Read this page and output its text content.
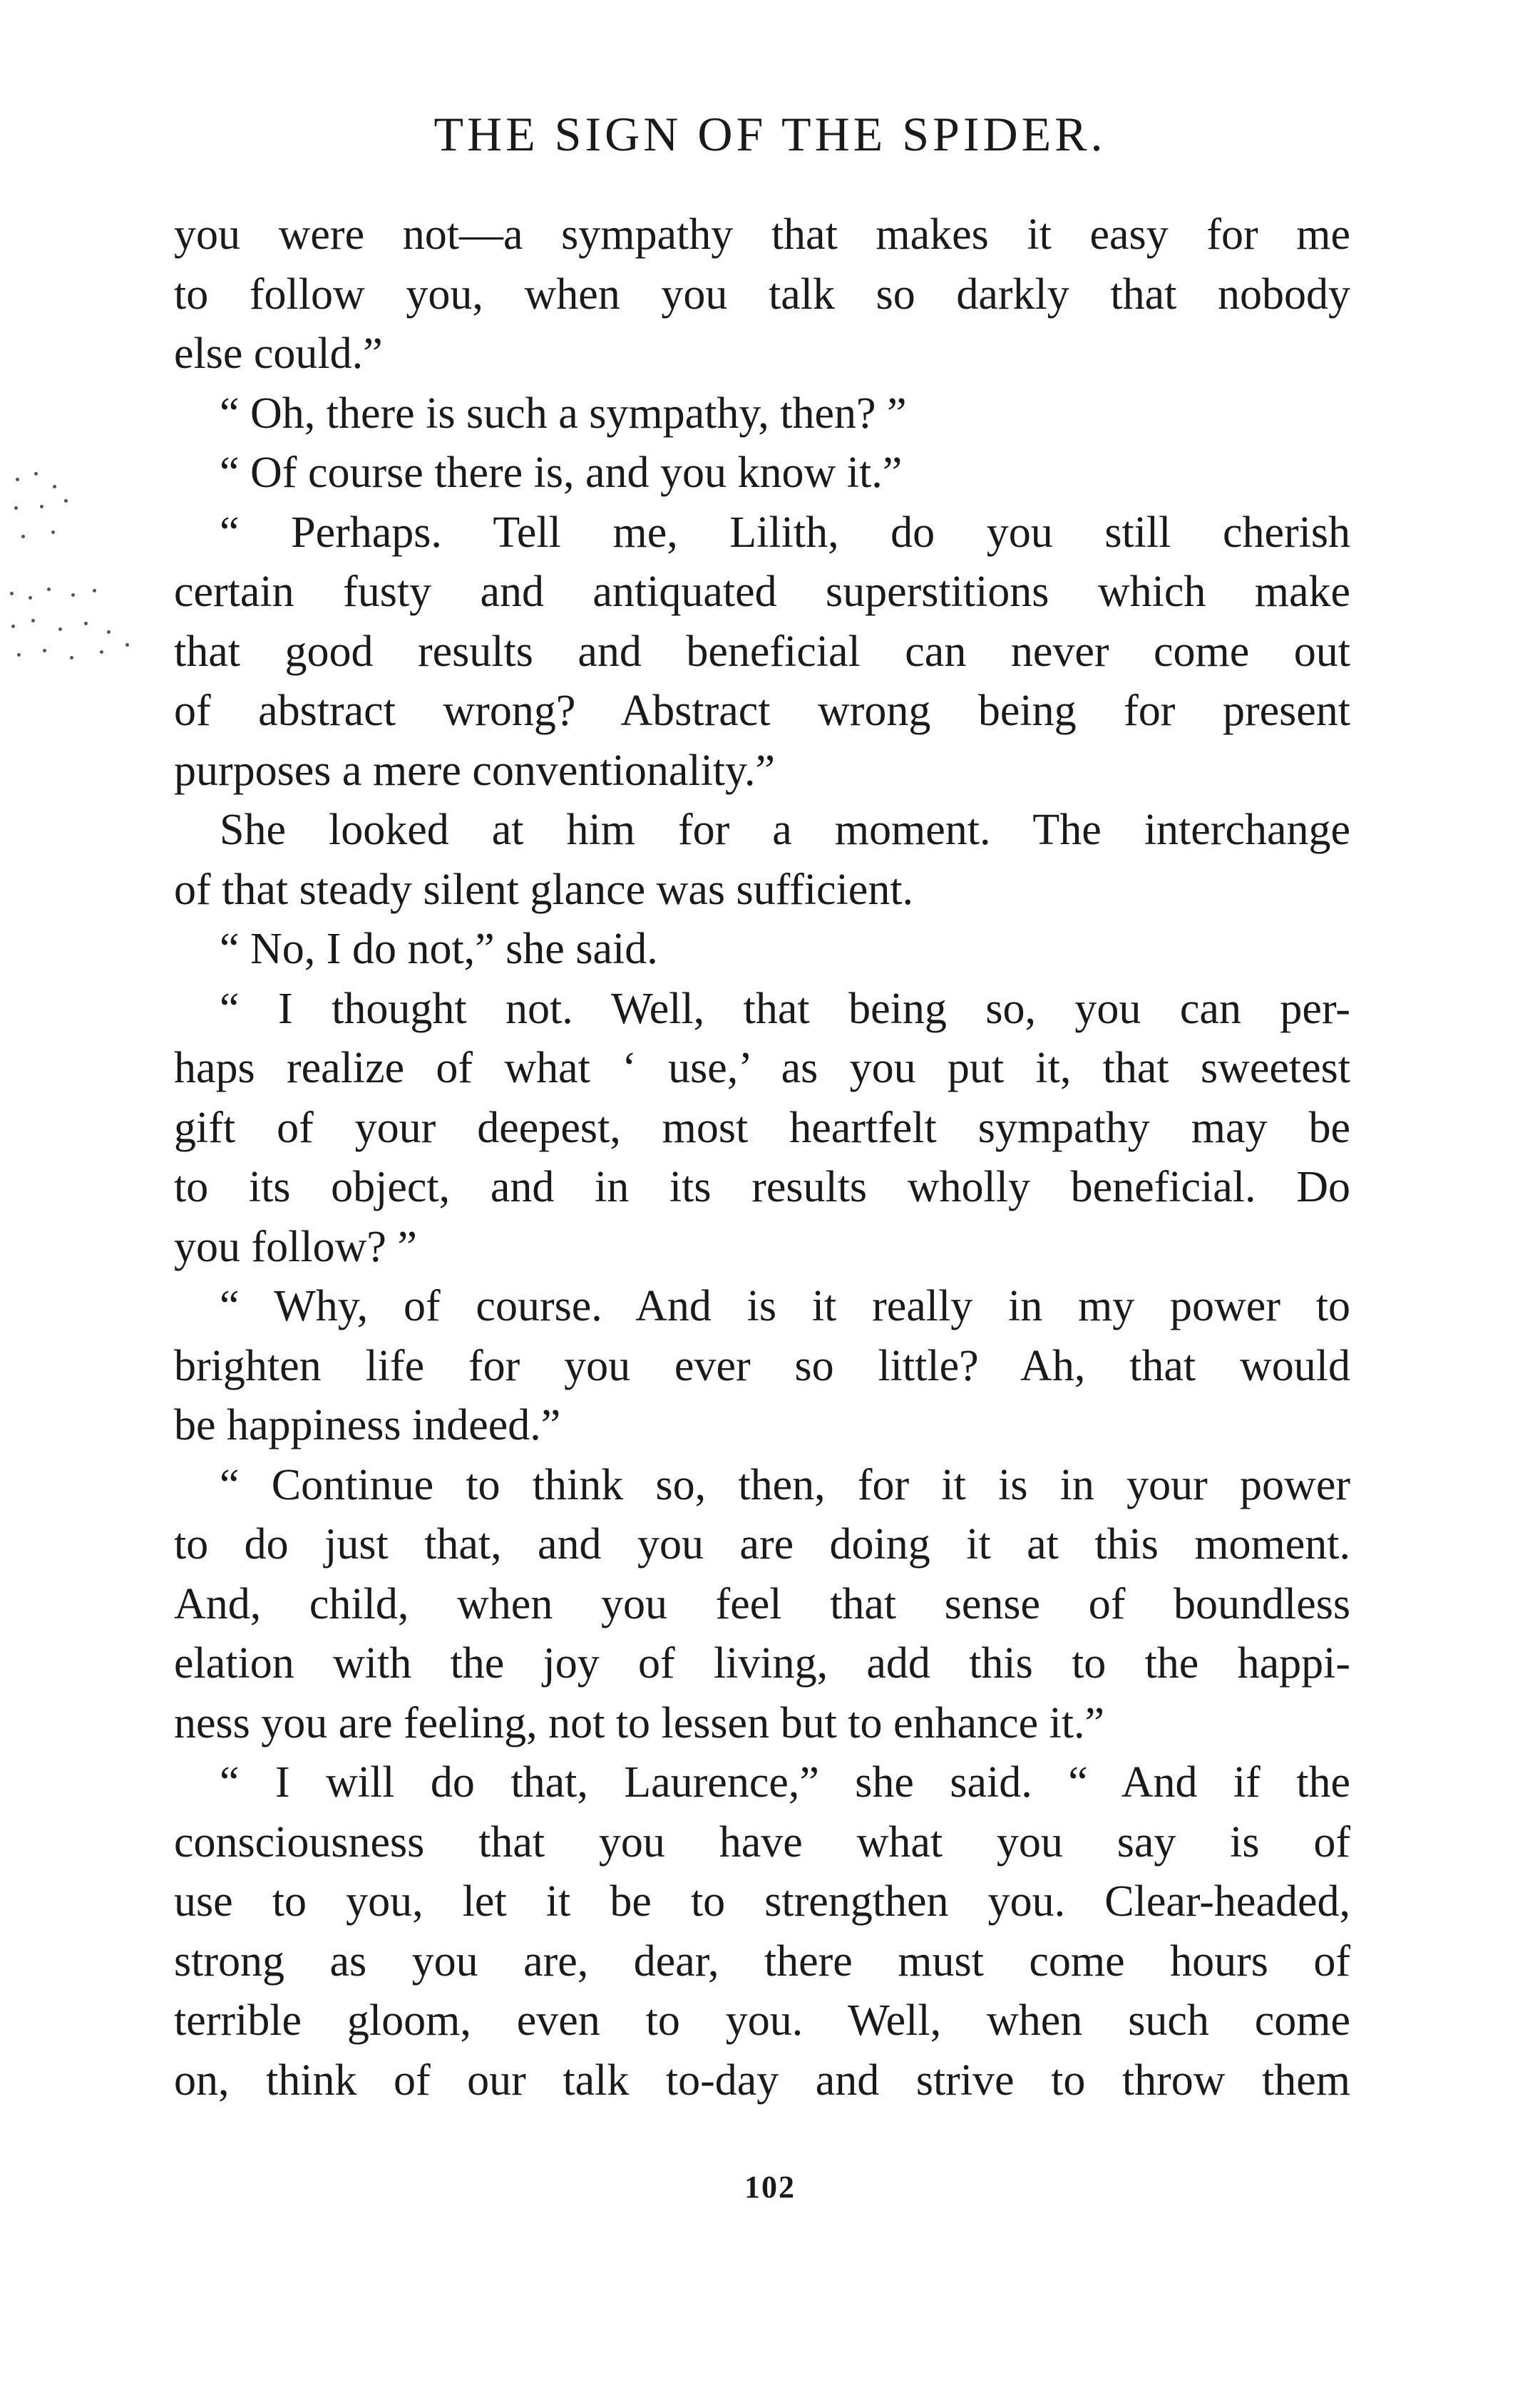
THE SIGN OF THE SPIDER.
you were not—a sympathy that makes it easy for me
to follow you, when you talk so darkly that nobody
else could.”
“ Oh, there is such a sympathy, then? ”
“ Of course there is, and you know it.”
“ Perhaps. Tell me, Lilith, do you still cherish
certain fusty and antiquated superstitions which make
that good results and beneficial can never come out
of abstract wrong? Abstract wrong being for present
purposes a mere conventionality.”
She looked at him for a moment. The interchange
of that steady silent glance was sufficient.
“ No, I do not,” she said.
“ I thought not. Well, that being so, you can per-
haps realize of what ‘ use,’ as you put it, that sweetest
gift of your deepest, most heartfelt sympathy may be
to its object, and in its results wholly beneficial. Do
you follow? ”
“ Why, of course. And is it really in my power to
brighten life for you ever so little? Ah, that would
be happiness indeed.”
“ Continue to think so, then, for it is in your power
to do just that, and you are doing it at this moment.
And, child, when you feel that sense of boundless
elation with the joy of living, add this to the happi-
ness you are feeling, not to lessen but to enhance it.”
“ I will do that, Laurence,” she said. “ And if the
consciousness that you have what you say is of
use to you, let it be to strengthen you. Clear-headed,
strong as you are, dear, there must come hours of
terrible gloom, even to you. Well, when such come
on, think of our talk to-day and strive to throw them
102
